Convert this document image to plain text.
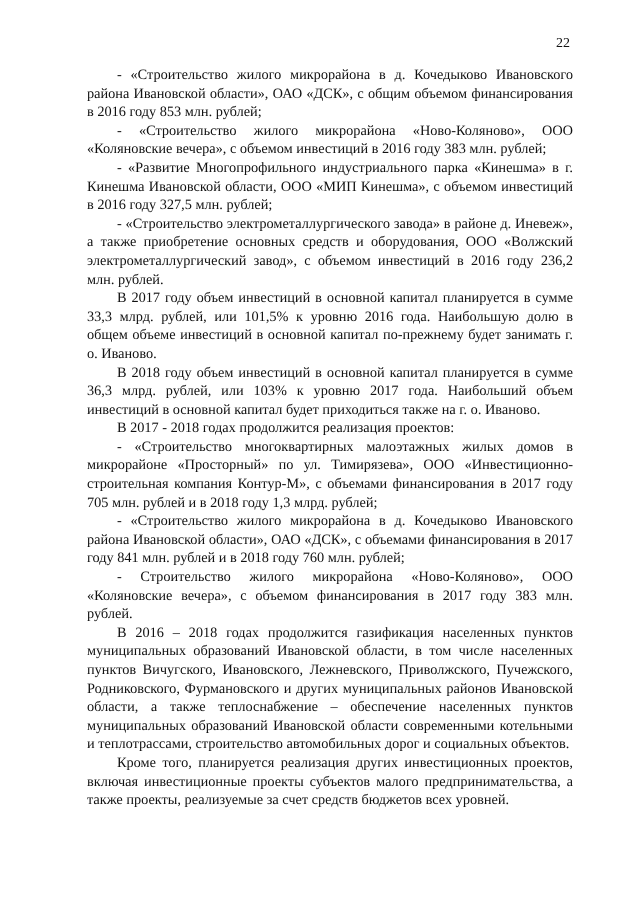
22

- «Строительство жилого микрорайона в д. Кочедыково Ивановского района Ивановской области», ОАО «ДСК», с общим объемом финансирования в 2016 году 853 млн. рублей;

- «Строительство жилого микрорайона «Ново-Коляново», ООО «Коляновские вечера», с объемом инвестиций в 2016 году 383 млн. рублей;

- «Развитие Многопрофильного индустриального парка «Кинешма» в г. Кинешма Ивановской области, ООО «МИП Кинешма», с объемом инвестиций в 2016 году 327,5 млн. рублей;

- «Строительство электрометаллургического завода» в районе д. Иневеж», а также приобретение основных средств и оборудования, ООО «Волжский электрометаллургический завод», с объемом инвестиций в 2016 году 236,2 млн. рублей.

В 2017 году объем инвестиций в основной капитал планируется в сумме 33,3 млрд. рублей, или 101,5% к уровню 2016 года. Наибольшую долю в общем объеме инвестиций в основной капитал по-прежнему будет занимать г. о. Иваново.

В 2018 году объем инвестиций в основной капитал планируется в сумме 36,3 млрд. рублей, или 103% к уровню 2017 года. Наибольший объем инвестиций в основной капитал будет приходиться также на г. о. Иваново.

В 2017 - 2018 годах продолжится реализация проектов:

- «Строительство многоквартирных малоэтажных жилых домов в микрорайоне «Просторный» по ул. Тимирязева», ООО «Инвестиционно-строительная компания Контур-М», с объемами финансирования в 2017 году 705 млн. рублей и в 2018 году 1,3 млрд. рублей;

- «Строительство жилого микрорайона в д. Кочедыково Ивановского района Ивановской области», ОАО «ДСК», с объемами финансирования в 2017 году 841 млн. рублей и в 2018 году 760 млн. рублей;

- Строительство жилого микрорайона «Ново-Коляново», ООО «Коляновские вечера», с объемом финансирования в 2017 году 383 млн. рублей.

В 2016 – 2018 годах продолжится газификация населенных пунктов муниципальных образований Ивановской области, в том числе населенных пунктов Вичугского, Ивановского, Лежневского, Приволжского, Пучежского, Родниковского, Фурмановского и других муниципальных районов Ивановской области, а также теплоснабжение – обеспечение населенных пунктов муниципальных образований Ивановской области современными котельными и теплотрассами, строительство автомобильных дорог и социальных объектов.

Кроме того, планируется реализация других инвестиционных проектов, включая инвестиционные проекты субъектов малого предпринимательства, а также проекты, реализуемые за счет средств бюджетов всех уровней.
